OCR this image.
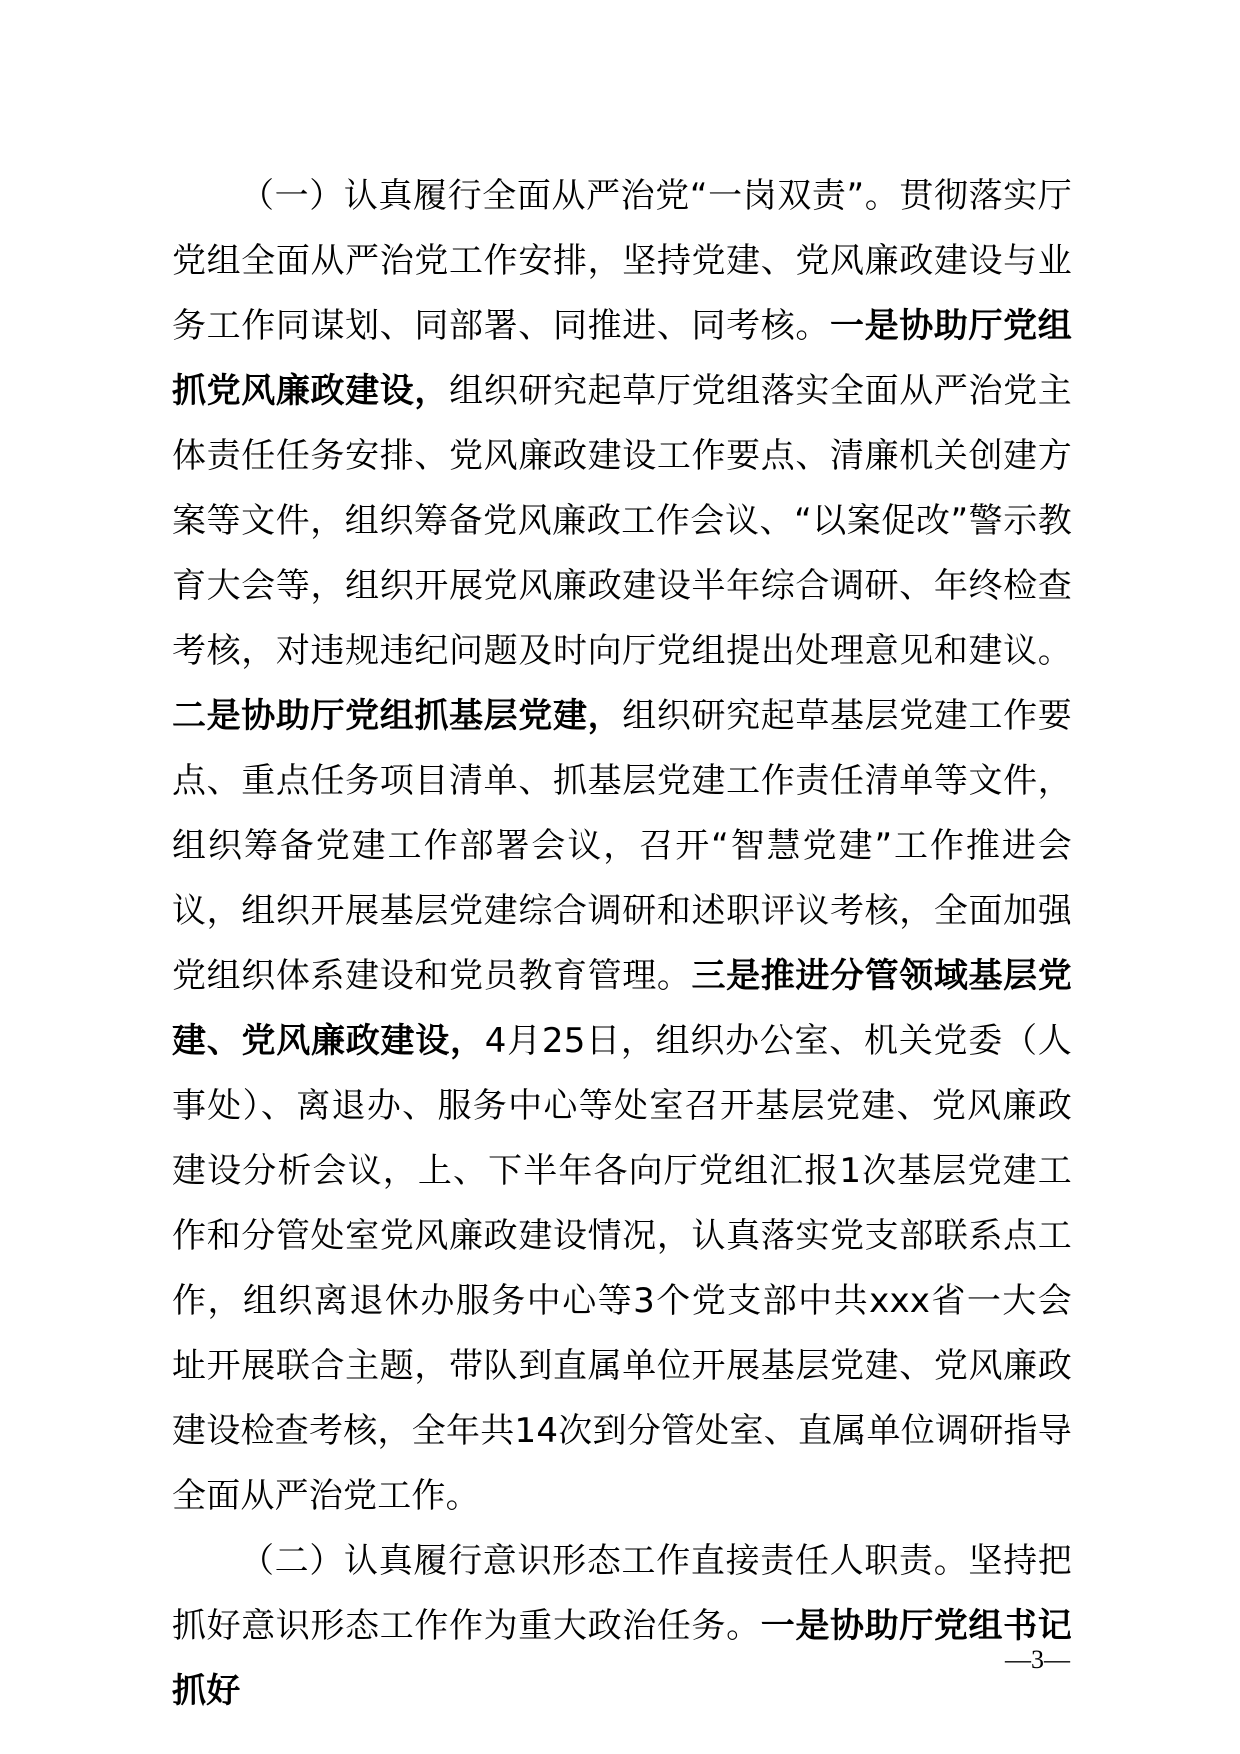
（一）认真履行全面从严治党“一岗双责”。贯彻落实厅党组全面从严治党工作安排，坚持党建、党风廉政建设与业务工作同谋划、同部署、同推进、同考核。一是协助厅党组抓党风廉政建设，组织研究起草厅党组落实全面从严治党主体责任任务安排、党风廉政建设工作要点、清廉机关创建方案等文件，组织筹备党风廉政工作会议、“以案促改”警示教育大会等，组织开展党风廉政建设半年综合调研、年终检查考核，对违规违纪问题及时向厅党组提出处理意见和建议。二是协助厅党组抓基层党建，组织研究起草基层党建工作要点、重点任务项目清单、抓基层党建工作责任清单等文件，组织筹备党建工作部署会议，召开“智慧党建”工作推进会议，组织开展基层党建综合调研和述职评议考核，全面加强党组织体系建设和党员教育管理。三是推进分管领域基层党建、党风廉政建设，4月25日，组织办公室、机关党委（人事处）、离退办、服务中心等处室召开基层党建、党风廉政建设分析会议，上、下半年各向厅党组汇报1次基层党建工作和分管处室党风廉政建设情况，认真落实党支部联系点工作，组织离退休办服务中心等3个党支部中共xxx省一大会址开展联合主题，带队到直属单位开展基层党建、党风廉政建设检查考核，全年共14次到分管处室、直属单位调研指导全面从严治党工作。

（二）认真履行意识形态工作直接责任人职责。坚持把抓好意识形态工作作为重大政治任务。一是协助厅党组书记抓好

—3—
